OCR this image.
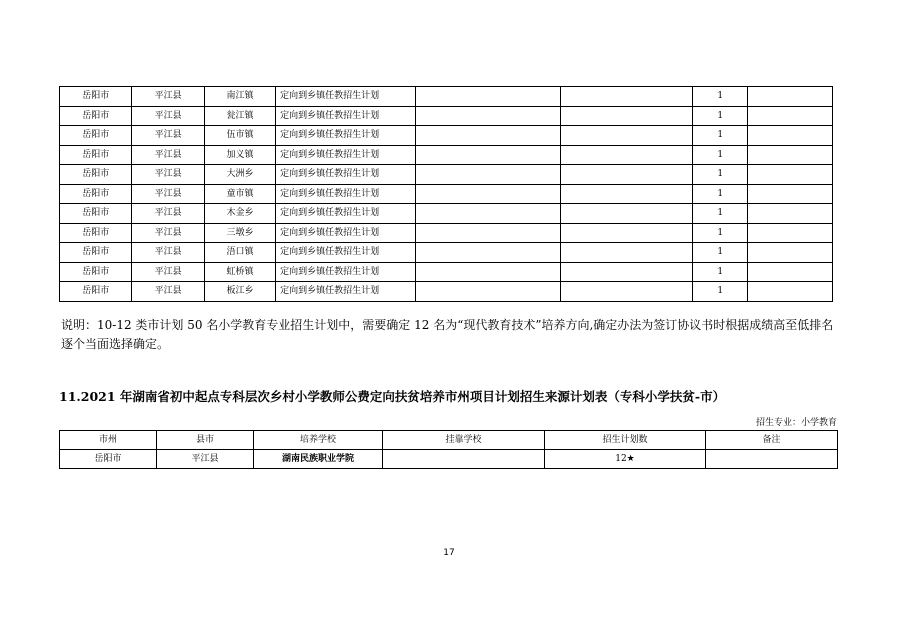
岳阳市	平江县	南江镇	定向到乡镇任教招生计划			1	
岳阳市	平江县	瓮江镇	定向到乡镇任教招生计划			1	
岳阳市	平江县	伍市镇	定向到乡镇任教招生计划			1	
岳阳市	平江县	加义镇	定向到乡镇任教招生计划			1	
岳阳市	平江县	大洲乡	定向到乡镇任教招生计划			1	
岳阳市	平江县	童市镇	定向到乡镇任教招生计划			1	
岳阳市	平江县	木金乡	定向到乡镇任教招生计划			1	
岳阳市	平江县	三墩乡	定向到乡镇任教招生计划			1	
岳阳市	平江县	浯口镇	定向到乡镇任教招生计划			1	
岳阳市	平江县	虹桥镇	定向到乡镇任教招生计划			1	
岳阳市	平江县	板江乡	定向到乡镇任教招生计划			1	

说明：10-12 类市计划 50 名小学教育专业招生计划中，需要确定 12 名为“现代教育技术”培养方向,确定办法为签订协议书时根据成绩高至低排名逐个当面选择确定。

11.2021 年湖南省初中起点专科层次乡村小学教师公费定向扶贫培养市州项目计划招生来源计划表（专科小学扶贫-市）

招生专业：小学教育

市州	县市	培养学校	挂靠学校	招生计划数	备注
岳阳市	平江县	湖南民族职业学院		12★	
17
